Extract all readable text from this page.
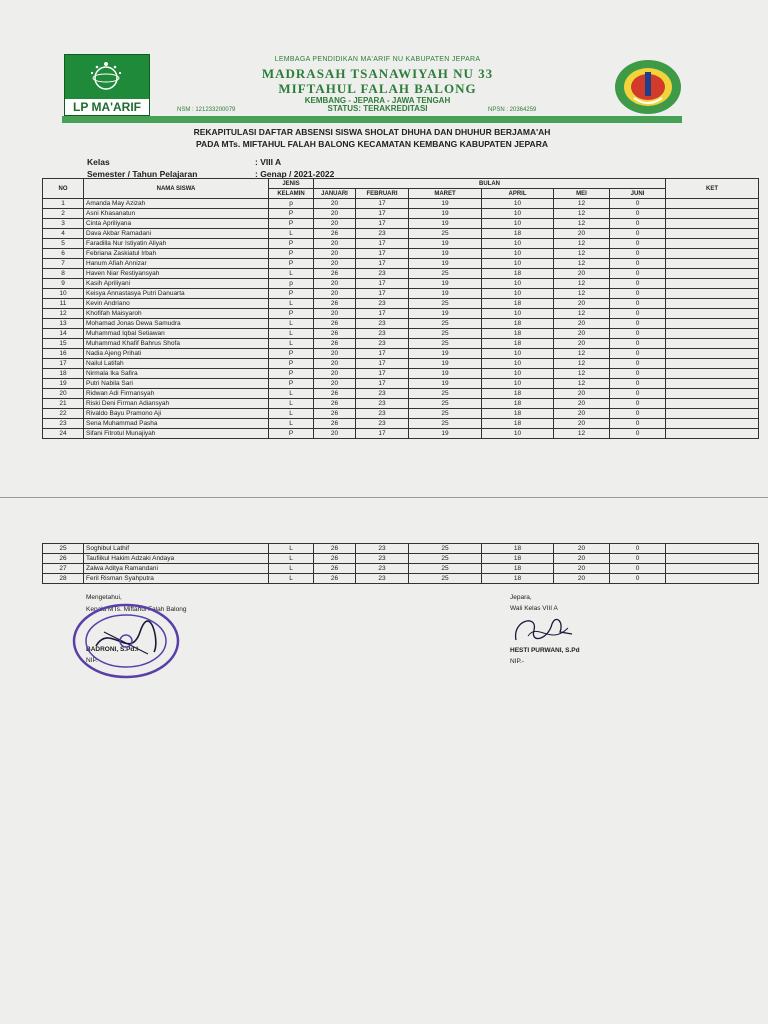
LP MA'ARIF
LEMBAGA PENDIDIKAN MA'ARIF NU KABUPATEN JEPARA
MADRASAH TSANAWIYAH NU 33
MIFTAHUL FALAH BALONG
KEMBANG - JEPARA - JAWA TENGAH
NSM : 121233200079	STATUS: TERAKREDITASI	NPSN : 20364259
REKAPITULASI DAFTAR ABSENSI SISWA SHOLAT DHUHA DAN DHUHUR BERJAMA'AH
PADA MTs. MIFTAHUL FALAH BALONG KECAMATAN KEMBANG KABUPATEN JEPARA
Kelas	: VIII A
Semester / Tahun Pelajaran	: Genap / 2021-2022
NO	NAMA SISWA	JENIS	BULAN						KET
		KELAMIN	JANUARI	FEBRUARI	MARET	APRIL	MEI	JUNI	
1	Amanda May Azizah	p	20	17	19	10	12	0	
2	Asni Khasanatun	P	20	17	19	10	12	0	
3	Cinta Apriliyana	P	20	17	19	10	12	0	
4	Dava Akbar Ramadani	L	26	23	25	18	20	0	
5	Faradilla Nur Istiyatin Aliyah	P	20	17	19	10	12	0	
6	Febriana Zaskiatul Irbah	P	20	17	19	10	12	0	
7	Hanum Afiah Annizar	P	20	17	19	10	12	0	
8	Haven Niar Restiyansyah	L	26	23	25	18	20	0	
9	Kasih Apriliyani	p	20	17	19	10	12	0	
10	Keisya Annastasya Putri Danuarta	P	20	17	19	10	12	0	
11	Kevin Andriano	L	26	23	25	18	20	0	
12	Khofifah Maisyaroh	P	20	17	19	10	12	0	
13	Mohamad Jonas Dewa Samudra	L	26	23	25	18	20	0	
14	Muhammad Iqbal Setiawan	L	26	23	25	18	20	0	
15	Muhammad Khafif Bahrus Shofa	L	26	23	25	18	20	0	
16	Nadia Ajeng Prihati	P	20	17	19	10	12	0	
17	Nailul Latifah	P	20	17	19	10	12	0	
18	Nirmala Ika Safira	P	20	17	19	10	12	0	
19	Putri Nabila Sari	P	20	17	19	10	12	0	
20	Ridwan Adi Firmansyah	L	26	23	25	18	20	0	
21	Riski Deni Firman Adiansyah	L	26	23	25	18	20	0	
22	Rivaldo Bayu Pramono Aji	L	26	23	25	18	20	0	
23	Sena Muhammad Pasha	L	26	23	25	18	20	0	
24	Sifani Fitrotul Munajiyah	P	20	17	19	10	12	0	
25	Soghibul Lathif	L	26	23	25	18	20	0	
26	Taufiikul Hakim Adzaki Andaya	L	26	23	25	18	20	0	
27	Zalwa Aditya Ramandani	L	26	23	25	18	20	0	
28	Feril Risman Syahputra	L	26	23	25	18	20	0	
Mengetahui,
Kepala MTs. Miftahul Falah Balong
BADRONI, S.Pd.I
NIP.-
Jepara,
Wali Kelas VIII A
HESTI PURWANI, S.Pd
NIP.-
